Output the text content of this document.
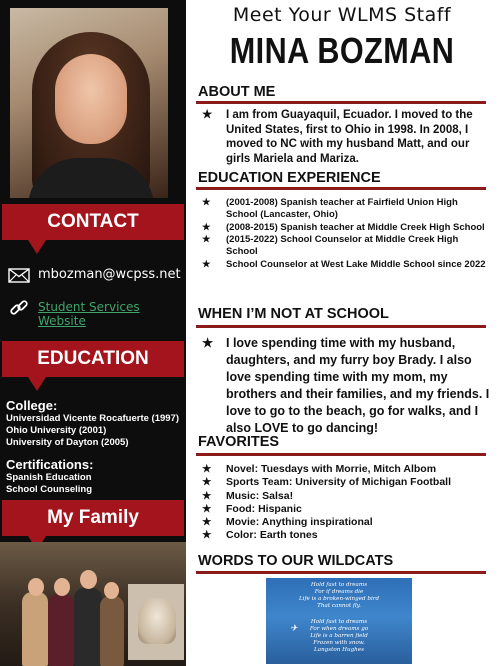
CONTACT
mbozman@wcpss.net
Student Services
Website
EDUCATION
College:
Universidad Vicente Rocafuerte (1997)
Ohio University (2001)
University of Dayton (2005)
Certifications:
Spanish Education
School Counseling
My Family
Meet Your WLMS Staff
MINA BOZMAN
ABOUT ME
★ I am from Guayaquil, Ecuador. I moved to the United States, first to Ohio in 1998. In 2008, I moved to NC with my husband Matt, and our girls Mariela and Mariza.
EDUCATION EXPERIENCE
★ (2001-2008) Spanish teacher at Fairfield Union High School (Lancaster, Ohio)
★ (2008-2015) Spanish teacher at Middle Creek High School
★ (2015-2022) School Counselor at Middle Creek High School
★ School Counselor at West Lake Middle School since 2022
WHEN I’M NOT AT SCHOOL
★ I love spending time with my husband, daughters, and my furry boy Brady. I also love spending time with my mom, my brothers and their families, and my friends. I love to go to the beach, go for walks, and I also LOVE to go dancing!
FAVORITES
★ Novel: Tuesdays with Morrie, Mitch Albom
★ Sports Team: University of Michigan Football
★ Music: Salsa!
★ Food: Hispanic
★ Movie: Anything inspirational
★ Color: Earth tones
WORDS TO OUR WILDCATS
Hold fast to dreams
For if dreams die
Life is a broken-winged bird
That cannot fly.
Hold fast to dreams
For when dreams go
Life is a barren field
Frozen with snow.
Langston Hughes
✈
